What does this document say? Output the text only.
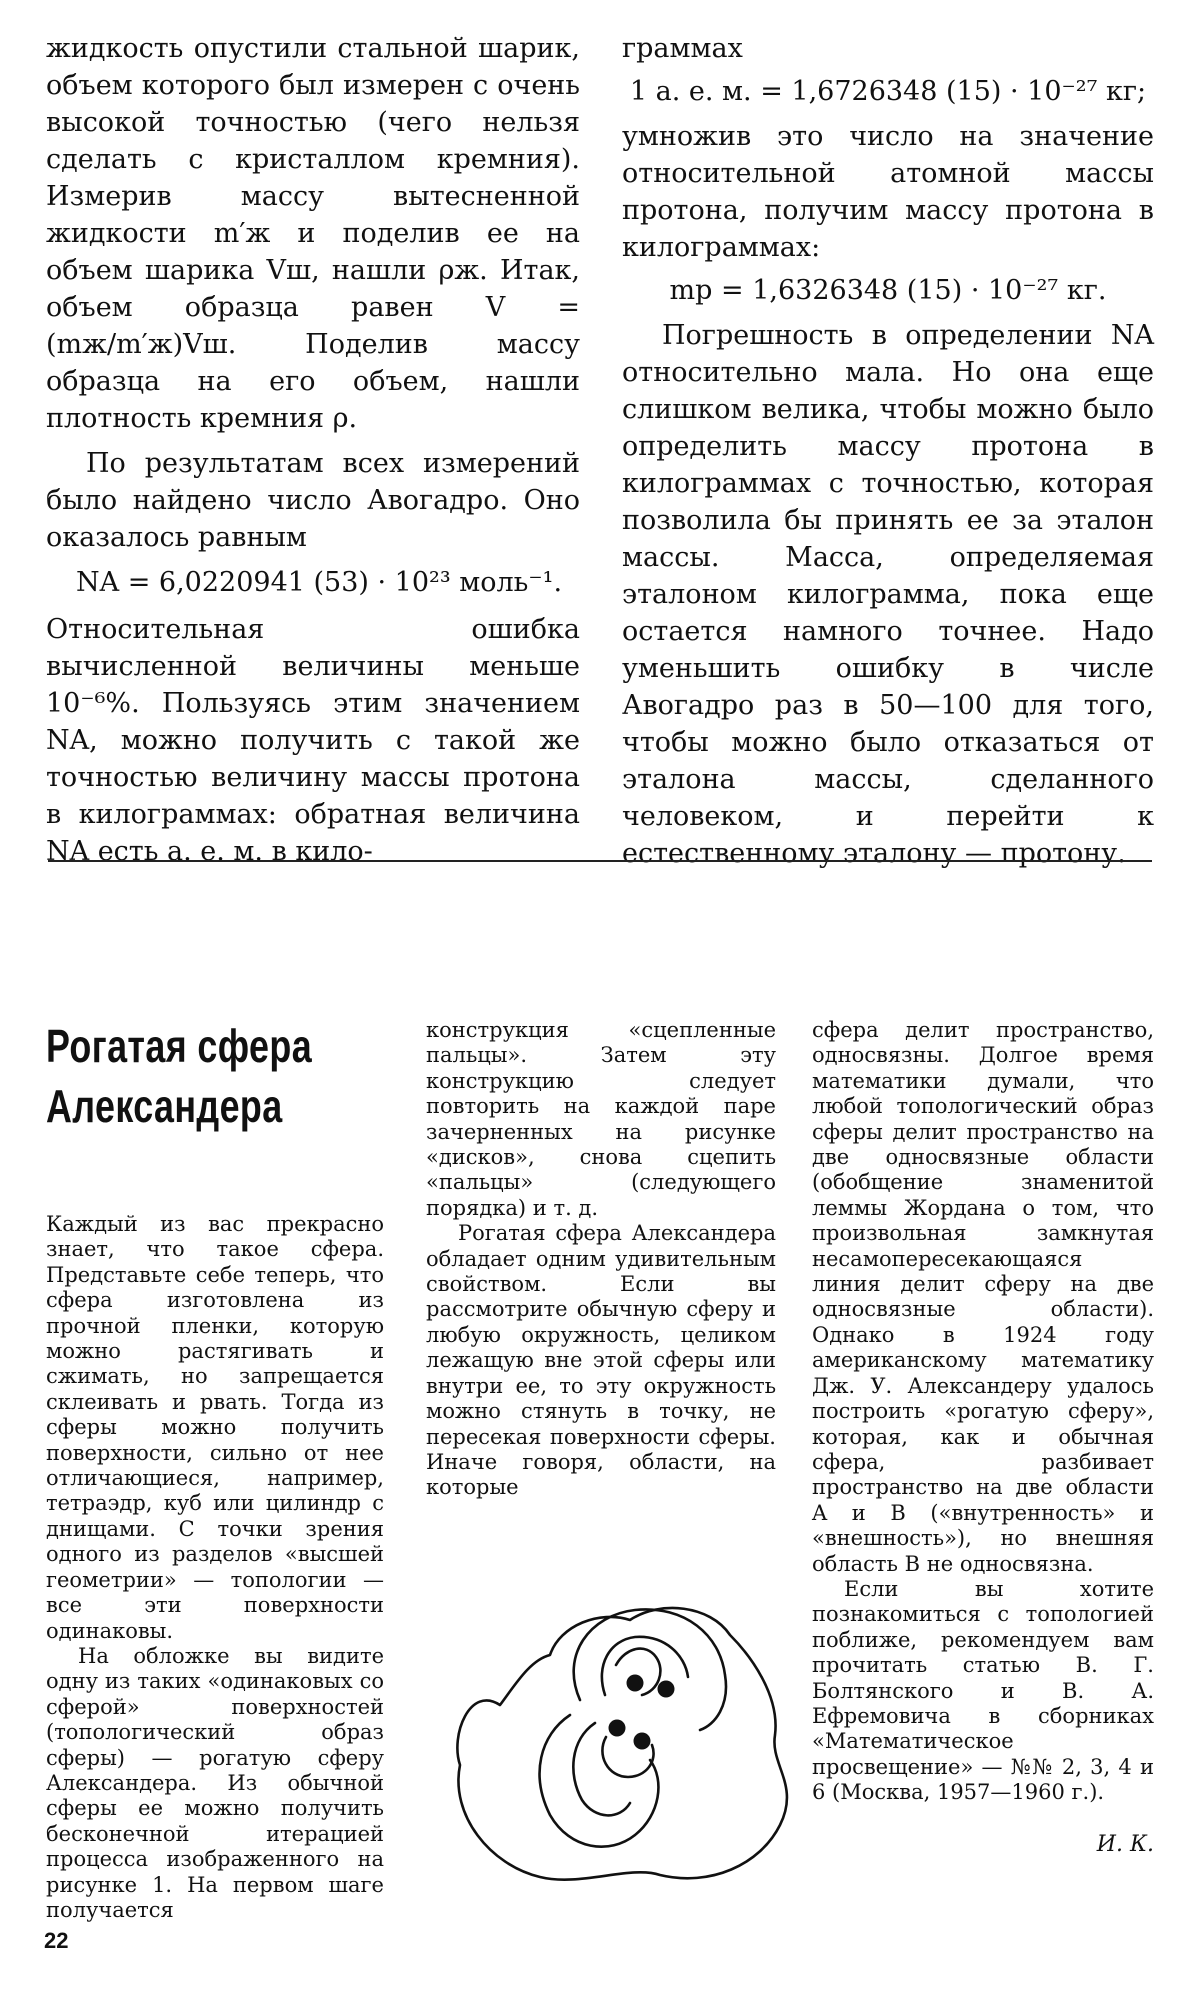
жидкость опустили стальной шарик, объем которого был измерен с очень высокой точностью (чего нельзя сделать с кристаллом кремния). Измерив массу вытесненной жидкости m′ж и поделив ее на объем шарика Vш, нашли ρж. Итак, объем образца равен V = (mж/m′ж)Vш. Поделив массу образца на его объем, нашли плотность кремния ρ.

По результатам всех измерений было найдено число Авогадро. Оно оказалось равным

NA = 6,0220941 (53) · 10²³ моль⁻¹.

Относительная ошибка вычисленной величины меньше 10⁻⁶%. Пользуясь этим значением NA, можно получить с такой же точностью величину массы протона в килограммах: обратная величина NA есть а. е. м. в кило-

граммах

1 а. е. м. = 1,6726348 (15) · 10⁻²⁷ кг;

умножив это число на значение относительной атомной массы протона, получим массу протона в килограммах:

mp = 1,6326348 (15) · 10⁻²⁷ кг.

Погрешность в определении NA относительно мала. Но она еще слишком велика, чтобы можно было определить массу протона в килограммах с точностью, которая позволила бы принять ее за эталон массы. Масса, определяемая эталоном килограмма, пока еще остается намного точнее. Надо уменьшить ошибку в числе Авогадро раз в 50—100 для того, чтобы можно было отказаться от эталона массы, сделанного человеком, и перейти к естественному эталону — протону.

Рогатая сфера
Александера

Каждый из вас прекрасно знает, что такое сфера. Представьте себе теперь, что сфера изготовлена из прочной пленки, которую можно растягивать и сжимать, но запрещается склеивать и рвать. Тогда из сферы можно получить поверхности, сильно от нее отличающиеся, например, тетраэдр, куб или цилиндр с днищами. С точки зрения одного из разделов «высшей геометрии» — топологии — все эти поверхности одинаковы.

На обложке вы видите одну из таких «одинаковых со сферой» поверхностей (топологический образ сферы) — рогатую сферу Александера. Из обычной сферы ее можно получить бесконечной итерацией процесса изображенного на рисунке 1. На первом шаге получается

конструкция «сцепленные пальцы». Затем эту конструкцию следует повторить на каждой паре зачерненных на рисунке «дисков», снова сцепить «пальцы» (следующего порядка) и т. д.

Рогатая сфера Александера обладает одним удивительным свойством. Если вы рассмотрите обычную сферу и любую окружность, целиком лежащую вне этой сферы или внутри ее, то эту окружность можно стянуть в точку, не пересекая поверхности сферы. Иначе говоря, области, на которые

сфера делит пространство, односвязны. Долгое время математики думали, что любой топологический образ сферы делит пространство на две односвязные области (обобщение знаменитой леммы Жордана о том, что произвольная замкнутая несамопересекающаяся линия делит сферу на две односвязные области). Однако в 1924 году американскому математику Дж. У. Александеру удалось построить «рогатую сферу», которая, как и обычная сфера, разбивает пространство на две области A и B («внутренность» и «внешность»), но внешняя область B не односвязна.

Если вы хотите познакомиться с топологией поближе, рекомендуем вам прочитать статью В. Г. Болтянского и В. А. Ефремовича в сборниках «Математическое просвещение» — №№ 2, 3, 4 и 6 (Москва, 1957—1960 г.).

И. К.
22
